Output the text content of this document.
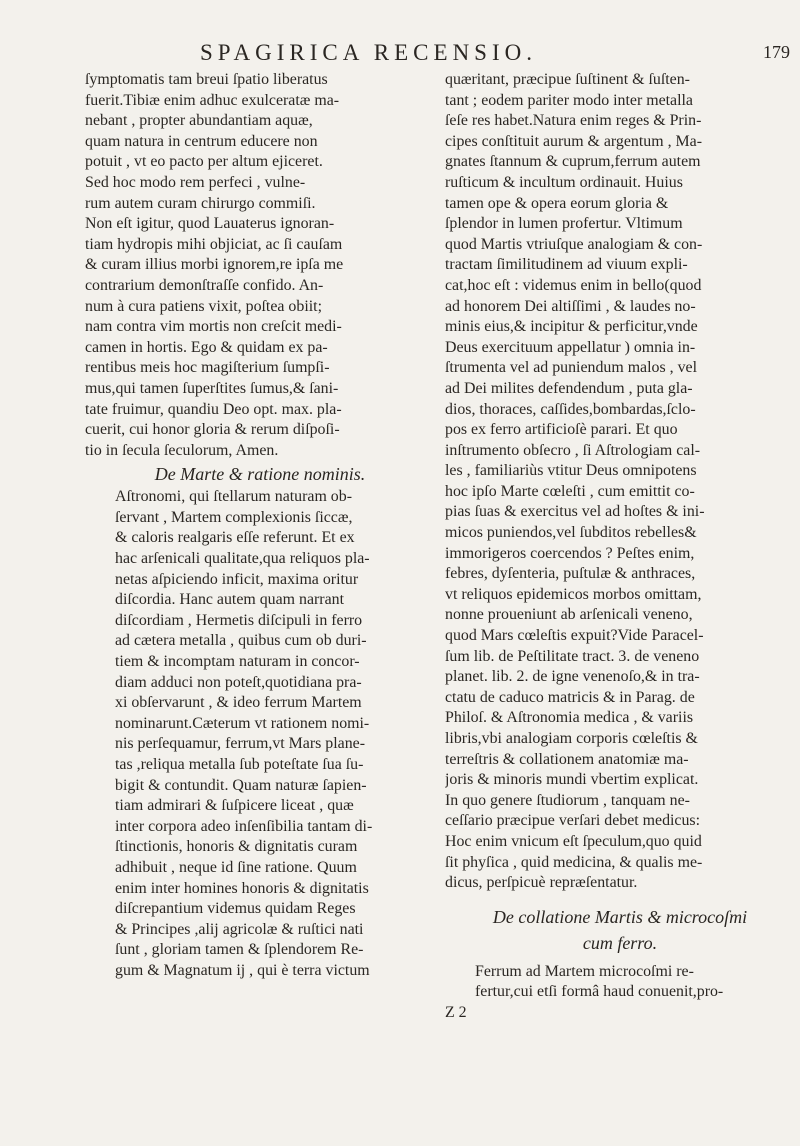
SPAGIRICA RECENSIO.	179

ſymptomatis tam breui ſpatio liberatus
fuerit.Tibiæ enim adhuc exulceratæ ma-
nebant , propter abundantiam aquæ,
quam natura in centrum educere non
potuit , vt eo pacto per altum ejiceret.
Sed hoc modo rem perfeci , vulne-
rum autem curam chirurgo commiſi.
Non eſt igitur, quod Lauaterus ignoran-
tiam hydropis mihi objiciat, ac ſi cauſam
& curam illius morbi ignorem,re ipſa me
contrarium demonſtraſſe confido. An-
num à cura patiens vixit, poſtea obiit;
nam contra vim mortis non creſcit medi-
camen in hortis. Ego & quidam ex pa-
rentibus meis hoc magiſterium ſumpſi-
mus,qui tamen ſuperſtites ſumus,& ſani-
tate fruimur, quandiu Deo opt. max. pla-
cuerit, cui honor gloria & rerum diſpoſi-
tio in ſecula ſeculorum, Amen.

De Marte & ratione nominis.

Aſtronomi, qui ſtellarum naturam ob-
ſervant , Martem complexionis ſiccæ,
& caloris realgaris eſſe referunt. Et ex
hac arſenicali qualitate,qua reliquos pla-
netas aſpiciendo inficit, maxima oritur
diſcordia. Hanc autem quam narrant
diſcordiam , Hermetis diſcipuli in ferro
ad cætera metalla , quibus cum ob duri-
tiem & incomptam naturam in concor-
diam adduci non poteſt,quotidiana pra-
xi obſervarunt , & ideo ferrum Martem
nominarunt.Cæterum vt rationem nomi-
nis perſequamur, ferrum,vt Mars plane-
tas ,reliqua metalla ſub poteſtate ſua ſu-
bigit & contundit. Quam naturæ ſapien-
tiam admirari & ſuſpicere liceat , quæ
inter corpora adeo inſenſibilia tantam di-
ſtinctionis, honoris & dignitatis curam
adhibuit , neque id ſine ratione. Quum
enim inter homines honoris & dignitatis
diſcrepantium videmus quidam Reges
& Principes ,alij agricolæ & ruſtici nati
ſunt , gloriam tamen & ſplendorem Re-
gum & Magnatum ij , qui è terra victum

quæritant, præcipue ſuſtinent & ſuſten-
tant ; eodem pariter modo inter metalla
ſeſe res habet.Natura enim reges & Prin-
cipes conſtituit aurum & argentum , Ma-
gnates ſtannum & cuprum,ferrum autem
ruſticum & incultum ordinauit. Huius
tamen ope & opera eorum gloria &
ſplendor in lumen profertur. Vltimum
quod Martis vtriuſque analogiam & con-
tractam ſimilitudinem ad viuum expli-
cat,hoc eſt : videmus enim in bello(quod
ad honorem Dei altiſſimi , & laudes no-
minis eius,& incipitur & perficitur,vnde
Deus exercituum appellatur ) omnia in-
ſtrumenta vel ad puniendum malos , vel
ad Dei milites defendendum , puta gla-
dios, thoraces, caſſides,bombardas,ſclo-
pos ex ferro artificioſè parari. Et quo
inſtrumento obſecro , ſi Aſtrologiam cal-
les , familiariùs vtitur Deus omnipotens
hoc ipſo Marte cœleſti , cum emittit co-
pias ſuas & exercitus vel ad hoſtes & ini-
micos puniendos,vel ſubditos rebelles&
immorigeros coercendos ? Peſtes enim,
febres, dyſenteria, puſtulæ & anthraces,
vt reliquos epidemicos morbos omittam,
nonne proueniunt ab arſenicali veneno,
quod Mars cœleſtis expuit?Vide Paracel-
ſum lib. de Peſtilitate tract. 3. de veneno
planet. lib. 2. de igne venenoſo,& in tra-
ctatu de caduco matricis & in Parag. de
Philoſ. & Aſtronomia medica , & variis
libris,vbi analogiam corporis cœleſtis &
terreſtris & collationem anatomiæ ma-
joris & minoris mundi vbertim explicat.
In quo genere ſtudiorum , tanquam ne-
ceſſario præcipue verſari debet medicus:
Hoc enim vnicum eſt ſpeculum,quo quid
ſit phyſica , quid medicina, & qualis me-
dicus, perſpicuè repræſentatur.

De collatione Martis & microcoſmi
cum ferro.

Ferrum ad Martem microcoſmi re-
fertur,cui etſi formâ haud conuenit,pro-

Z 2
